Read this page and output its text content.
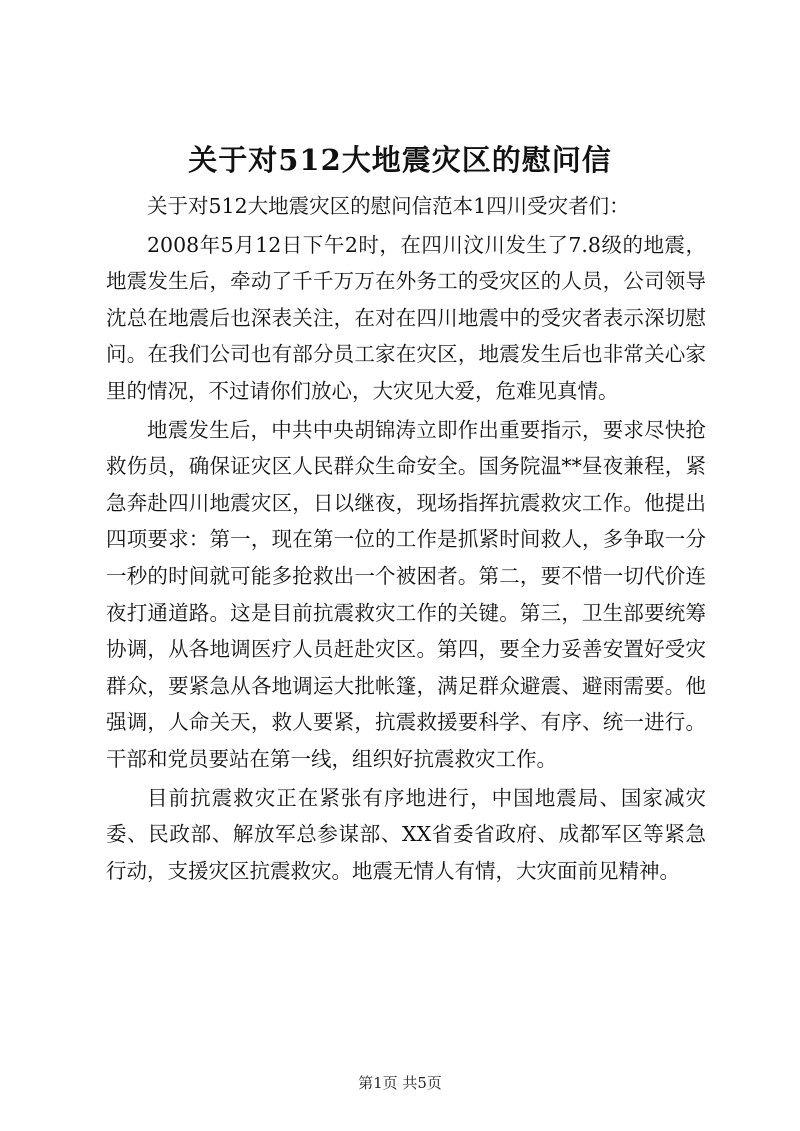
关于对512大地震灾区的慰问信

关于对512大地震灾区的慰问信范本1四川受灾者们：

2008年5月12日下午2时，在四川汶川发生了7.8级的地震，地震发生后，牵动了千千万万在外务工的受灾区的人员，公司领导沈总在地震后也深表关注，在对在四川地震中的受灾者表示深切慰问。在我们公司也有部分员工家在灾区，地震发生后也非常关心家里的情况，不过请你们放心，大灾见大爱，危难见真情。

地震发生后，中共中央胡锦涛立即作出重要指示，要求尽快抢救伤员，确保证灾区人民群众生命安全。国务院温**昼夜兼程，紧急奔赴四川地震灾区，日以继夜，现场指挥抗震救灾工作。他提出四项要求：第一，现在第一位的工作是抓紧时间救人，多争取一分一秒的时间就可能多抢救出一个被困者。第二，要不惜一切代价连夜打通道路。这是目前抗震救灾工作的关键。第三，卫生部要统筹协调，从各地调医疗人员赶赴灾区。第四，要全力妥善安置好受灾群众，要紧急从各地调运大批帐篷，满足群众避震、避雨需要。他强调，人命关天，救人要紧，抗震救援要科学、有序、统一进行。干部和党员要站在第一线，组织好抗震救灾工作。

目前抗震救灾正在紧张有序地进行，中国地震局、国家减灾委、民政部、解放军总参谋部、XX省委省政府、成都军区等紧急行动，支援灾区抗震救灾。地震无情人有情，大灾面前见精神。

第1页 共5页
